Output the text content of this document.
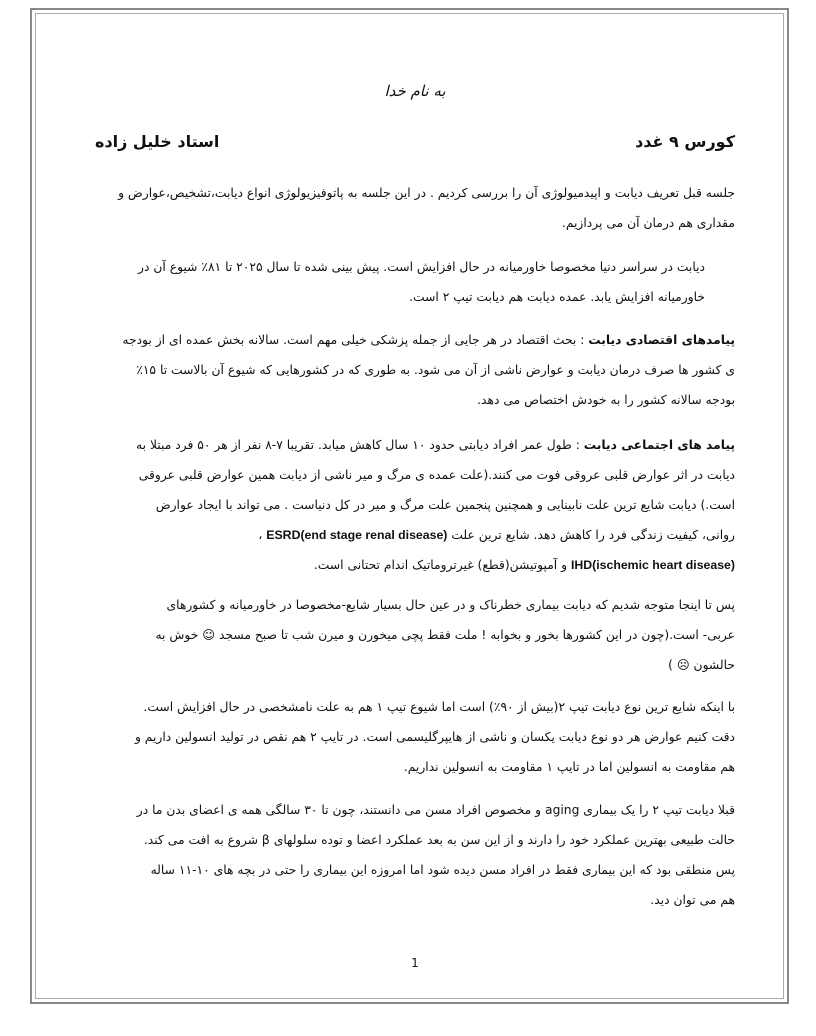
به نام خدا
کورس ۹ غدد
استاد خلیل زاده
جلسه قبل تعریف دیابت و اپیدمیولوژی آن را بررسی کردیم . در این جلسه به پاتوفیزیولوژی انواع دیابت،تشخیص،عوارض و
مقداری هم درمان آن می پردازیم.
دیابت در سراسر دنیا مخصوصا خاورمیانه در حال افزایش است. پیش بینی شده تا سال ۲۰۲۵ تا ۸۱٪ شیوع آن در
خاورمیانه افزایش یابد. عمده دیابت هم دیابت تیپ ۲ است.
پیامدهای اقتصادی دیابت : بحث اقتصاد در هر جایی از جمله پزشکی خیلی مهم است. سالانه بخش عمده ای از بودجه
ی کشور ها صرف درمان دیابت و عوارض ناشی از آن می شود. به طوری که در کشورهایی که شیوع آن بالاست تا ۱۵٪
بودجه سالانه کشور را به خودش اختصاص می دهد.
پیامد های اجتماعی دیابت : طول عمر افراد دیابتی حدود ۱۰ سال کاهش میابد. تقریبا ۷-۸ نفر از هر ۵۰ فرد مبتلا به
دیابت در اثر عوارض قلبی عروقی فوت می کنند.(علت عمده ی مرگ و میر ناشی از دیابت همین عوارض قلبی عروقی
است.) دیابت شایع ترین علت نابینایی و همچنین پنجمین علت مرگ و میر در کل دنیاست . می تواند با ایجاد عوارض
روانی، کیفیت زندگی فرد را کاهش دهد. شایع ترین علت ESRD(end stage renal disease) ،
IHD(ischemic heart disease) و آمپوتیشن(قطع) غیرتروماتیک اندام تحتانی است.
پس تا اینجا متوجه شدیم که دیابت بیماری خطرناک و در عین حال بسیار شایع-مخصوصا در خاورمیانه و کشورهای
عربی- است.(چون در این کشورها بخور و بخوابه ! ملت فقط پچی میخورن و میرن شب تا صبح مسجد ☺ خوش به
حالشون ☹ )
با اینکه شایع ترین نوع دیابت تیپ ۲(بیش از ۹۰٪) است اما شیوع تیپ ۱ هم به علت نامشخصی در حال افزایش است.
دقت کنیم عوارض هر دو نوع دیابت یکسان و ناشی از هایپرگلیسمی است. در تایپ ۲ هم نقص در تولید انسولین داریم و
هم مقاومت به انسولین اما در تایپ ۱ مقاومت به انسولین نداریم.
قبلا دیابت تیپ ۲ را یک بیماری aging و مخصوص افراد مسن می دانستند، چون تا ۳۰ سالگی همه ی اعضای بدن ما در
حالت طبیعی بهترین عملکرد خود را دارند و از این سن به بعد عملکرد اعضا و توده سلولهای β شروع به افت می کند.
پس منطقی بود که این بیماری فقط در افراد مسن دیده شود اما امروزه این بیماری را حتی در بچه های ۱۰-۱۱ ساله
هم می توان دید.
1
